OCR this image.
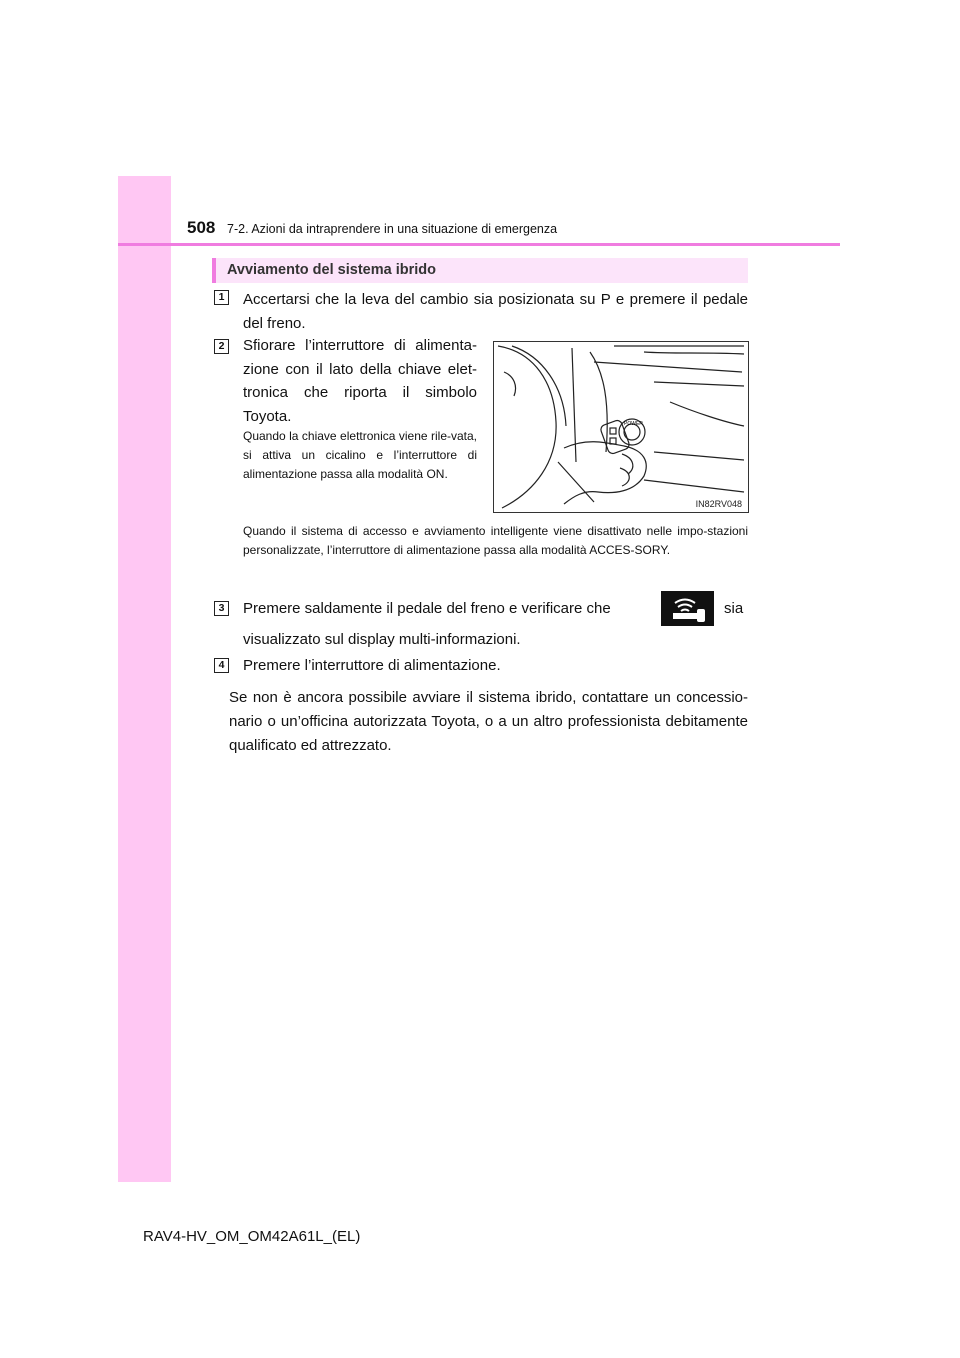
508 7-2. Azioni da intraprendere in una situazione di emergenza
Avviamento del sistema ibrido
1	Accertarsi che la leva del cambio sia posizionata su P e premere il pedale del freno.
2	Sfiorare l’interruttore di alimenta-zione con il lato della chiave elet-tronica che riporta il simbolo Toyota.
Quando la chiave elettronica viene rile-vata, si attiva un cicalino e l’interruttore di alimentazione passa alla modalità ON.
POWER
IN82RV048
Quando il sistema di accesso e avviamento intelligente viene disattivato nelle impo-stazioni personalizzate, l’interruttore di alimentazione passa alla modalità ACCES-SORY.
3	Premere saldamente il pedale del freno e verificare che	sia
visualizzato sul display multi-informazioni.
4	Premere l’interruttore di alimentazione.
Se non è ancora possibile avviare il sistema ibrido, contattare un concessio-nario o un’officina autorizzata Toyota, o a un altro professionista debitamente qualificato ed attrezzato.
RAV4-HV_OM_OM42A61L_(EL)
